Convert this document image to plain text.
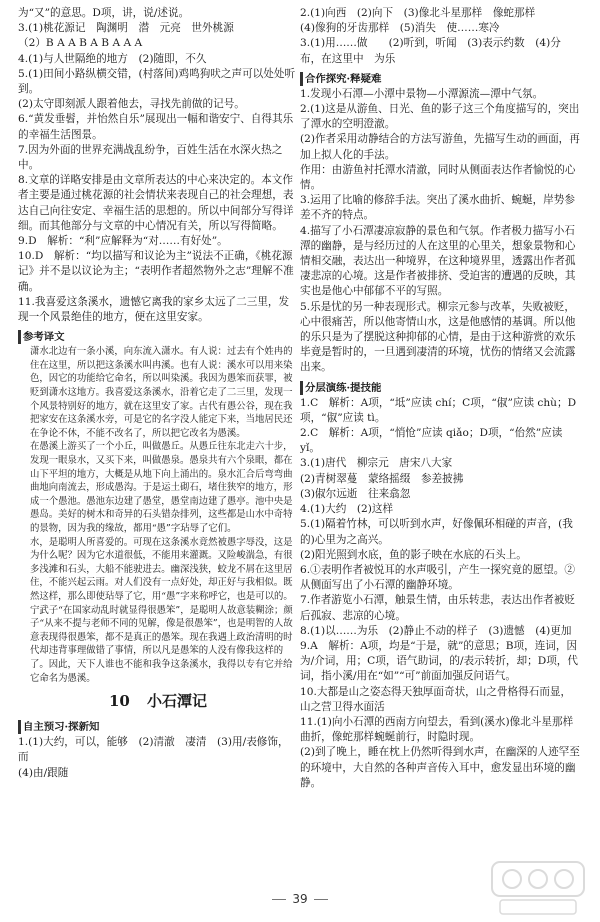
为“又”的意思。D项，讲，说/述说。
3.(1)桃花源记　陶渊明　潜　元亮　世外桃源
（2）B A A B A B A A A
4.(1)与人世隔绝的地方　(2)随即，不久
5.(1)田间小路纵横交错，(村落间)鸡鸣狗吠之声可以处处听到。
(2)太守即刻派人跟着他去，寻找先前做的记号。
6.“黄发垂髫，并怡然自乐”展现出一幅和谐安宁、自得其乐的幸福生活图景。
7.因为外面的世界充满战乱纷争，百姓生活在水深火热之中。
8.文章的详略安排是由文章所表达的中心来决定的。本文作者主要是通过桃花源的社会情状来表现自己的社会理想，表达自己向往安定、幸福生活的思想的。所以中间部分写得详细。而其他部分与文章的中心情况有关，所以写得简略。
9.D　解析：“利”应解释为“对……有好处”。
10.D　解析：“均以描写和议论为主”说法不正确，《桃花源记》并不是以议论为主；“表明作者超然物外之志”理解不准确。
11.我喜爱这条溪水，遗憾它离我的家乡太远了二三里，发现一个风景绝佳的地方，便在这里安家。
参考译文
潇水北边有一条小溪，向东流入潇水。有人说：过去有个姓冉的住在这里，所以把这条溪水叫冉溪。也有人说：溪水可以用来染色，因它的功能给它命名，所以叫染溪。我因为愚笨而获罪，被贬到潇水这地方。我喜爱这条溪水，沿着它走了二三里，发现一个风景特别好的地方，就在这里安了家。古代有愚公谷，现在我把家安在这条溪水旁，可是它的名字没人能定下来，当地居民还在争论不休，不能不改名了，所以把它改名为愚溪。
在愚溪上游买了一个小丘，叫做愚丘。从愚丘往东北走六十步，发现一眼泉水，又买下来，叫做愚泉。愚泉共有六个泉眼，都在山下平坦的地方，大概是从地下向上涌出的。泉水汇合后弯弯曲曲地向南流去，形成愚沟。于是运土砌石，堵住狭窄的地方，形成一个愚池。愚池东边建了愚堂，愚堂南边建了愚亭。池中央是愚岛。美好的树木和奇异的石头错杂排列，这些都是山水中奇特的景物，因为我的缘故，都用“愚”字玷辱了它们。
水，是聪明人所喜爱的。可现在这条溪水竟然被愚字辱没，这是为什么呢？因为它水道很低，不能用来灌溉。又险峻湍急，有很多浅滩和石头，大船不能驶进去。幽深浅狭，蛟龙不屑在这里居住，不能兴起云雨。对人们没有一点好处，却正好与我相似。既然这样，那么即使玷辱了它，用“愚”字来称呼它，也是可以的。
宁武子“在国家动乱时就显得很愚笨”，是聪明人故意装糊涂；颜子“从来不提与老师不同的见解，像是很愚笨”，也是明智的人故意表现得很愚笨，都不是真正的愚笨。现在我遇上政治清明的时代却违背事理做错了事情，所以凡是愚笨的人没有像我这样的了。因此，天下人谁也不能和我争这条溪水，我得以专有它并给它命名为愚溪。
10 小石潭记
自主预习·探新知
1.(1)大约，可以，能够　(2)清澈　凄清　(3)用/表修饰，而
(4)由/跟随
2.(1)向西　(2)向下　(3)像北斗星那样　像蛇那样
(4)像狗的牙齿那样　(5)消失　使……寒冷
3.(1)用……做　　(2)听到，听闻　(3)表示约数　(4)分布，在这里中　为乐
合作探究·释疑难
1.发现小石潭—小潭中景物—小潭源流—潭中气氛。
2.(1)这是从游鱼、日光、鱼的影子这三个角度描写的，突出了潭水的空明澄澈。
(2)作者采用动静结合的方法写游鱼，先描写生动的画面，再加上拟人化的手法。
作用：由游鱼衬托潭水清澈，同时从侧面表达作者愉悦的心情。
3.运用了比喻的修辞手法。突出了溪水曲折、蜿蜒，岸势参差不齐的特点。
4.描写了小石潭凄凉寂静的景色和气氛。作者极力描写小石潭的幽静，是与经历过的人在这里的心里关，想象景物和心情相交融，表达出一种境界，在这种境界里，透露出作者孤凄悲凉的心境。这是作者被排挤、受迫害的遭遇的反映，其实也是他心中郁郁不平的写照。
5.乐是忧的另一种表现形式。柳宗元参与改革，失败被贬，心中很痛苦，所以他寄情山水，这是他感情的基调。所以他的乐只是为了摆脱这种抑郁的心情，是由于这种游赏的欢乐毕竟是暂时的，一旦遇到凄清的环境，忧伤的情绪又会流露出来。
分层演练·提技能
1.C　解析：A项，“坻”应读 chí；C项，“俶”应读 chù；D项，“俶”应读 tì。
2.C　解析：A项，“悄怆”应读 qiǎo；D项，“佁然”应读 yǐ。
3.(1)唐代　柳宗元　唐宋八大家
(2)青树翠蔓　蒙络摇缀　参差披拂
(3)俶尔远逝　往来翕忽
4.(1)大约　(2)这样
5.(1)隔着竹林，可以听到水声，好像佩环相碰的声音，(我的)心里为之高兴。
(2)阳光照到水底，鱼的影子映在水底的石头上。
6.①表明作者被悦耳的水声吸引，产生一探究竟的愿望。②从侧面写出了小石潭的幽静环境。
7.作者游览小石潭，触景生情，由乐转悲，表达出作者被贬后孤寂、悲凉的心境。
8.(1)以……为乐　(2)静止不动的样子　(3)遗憾　(4)更加
9.A　解析：A项，均是“于是，就”的意思；B项，连词，因为/介词，用；C项，语气助词，的/表示转折，却；D项，代词，指小溪/用在“如”“可”前面加强反问语气。
10.大都是山之姿态得天独厚面奇状，山之骨格得石而显，山之营卫得水面活
11.(1)向小石潭的西南方向望去，看到(溪水)像北斗星那样曲折，像蛇那样蜿蜒前行，时隐时现。
(2)到了晚上，睡在枕上仍然听得到水声，在幽深的人迹罕至的环境中，大自然的各种声音传入耳中，愈发显出环境的幽静。
39
